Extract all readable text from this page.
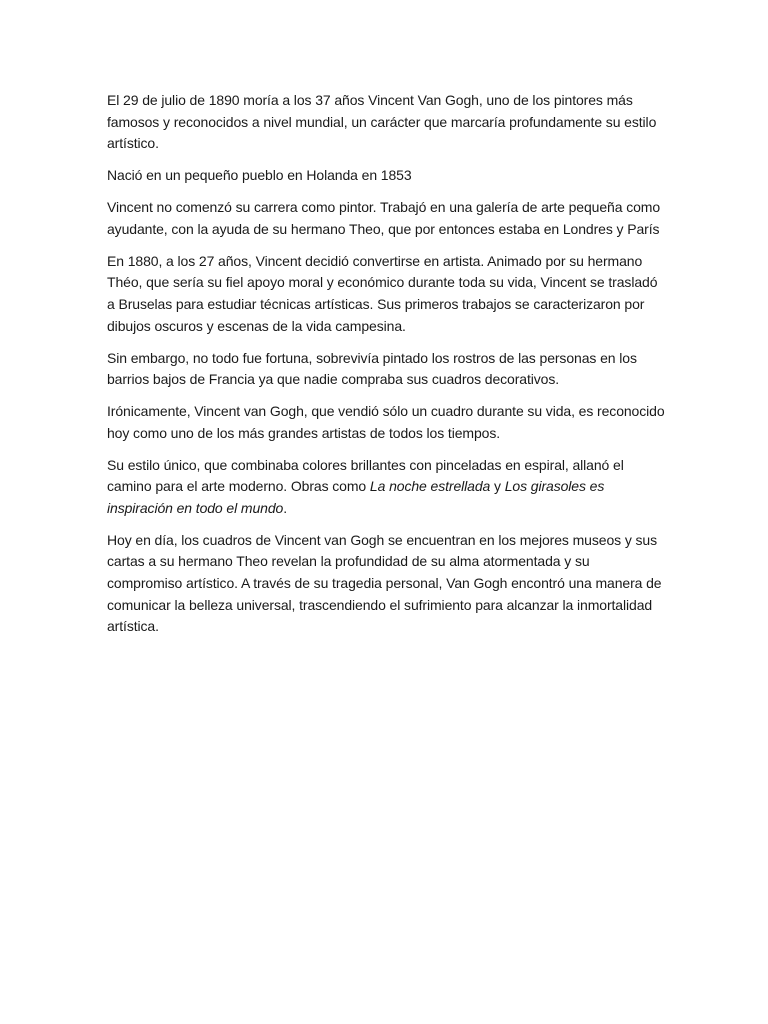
El 29 de julio de 1890 moría a los 37 años Vincent Van Gogh, uno de los pintores más famosos y reconocidos a nivel mundial, un carácter que marcaría profundamente su estilo artístico.

Nació en un pequeño pueblo en Holanda en 1853

Vincent no comenzó su carrera como pintor. Trabajó en una galería de arte pequeña como ayudante, con la ayuda de su hermano Theo, que por entonces estaba en Londres y París

En 1880, a los 27 años, Vincent decidió convertirse en artista. Animado por su hermano Théo, que sería su fiel apoyo moral y económico durante toda su vida, Vincent se trasladó a Bruselas para estudiar técnicas artísticas. Sus primeros trabajos se caracterizaron por dibujos oscuros y escenas de la vida campesina.

Sin embargo, no todo fue fortuna, sobrevivía pintado los rostros de las personas en los barrios bajos de Francia ya que nadie compraba sus cuadros decorativos.

Irónicamente, Vincent van Gogh, que vendió sólo un cuadro durante su vida, es reconocido hoy como uno de los más grandes artistas de todos los tiempos.

Su estilo único, que combinaba colores brillantes con pinceladas en espiral, allanó el camino para el arte moderno. Obras como La noche estrellada y Los girasoles es inspiración en todo el mundo.

Hoy en día, los cuadros de Vincent van Gogh se encuentran en los mejores museos y sus cartas a su hermano Theo revelan la profundidad de su alma atormentada y su compromiso artístico. A través de su tragedia personal, Van Gogh encontró una manera de comunicar la belleza universal, trascendiendo el sufrimiento para alcanzar la inmortalidad artística.
